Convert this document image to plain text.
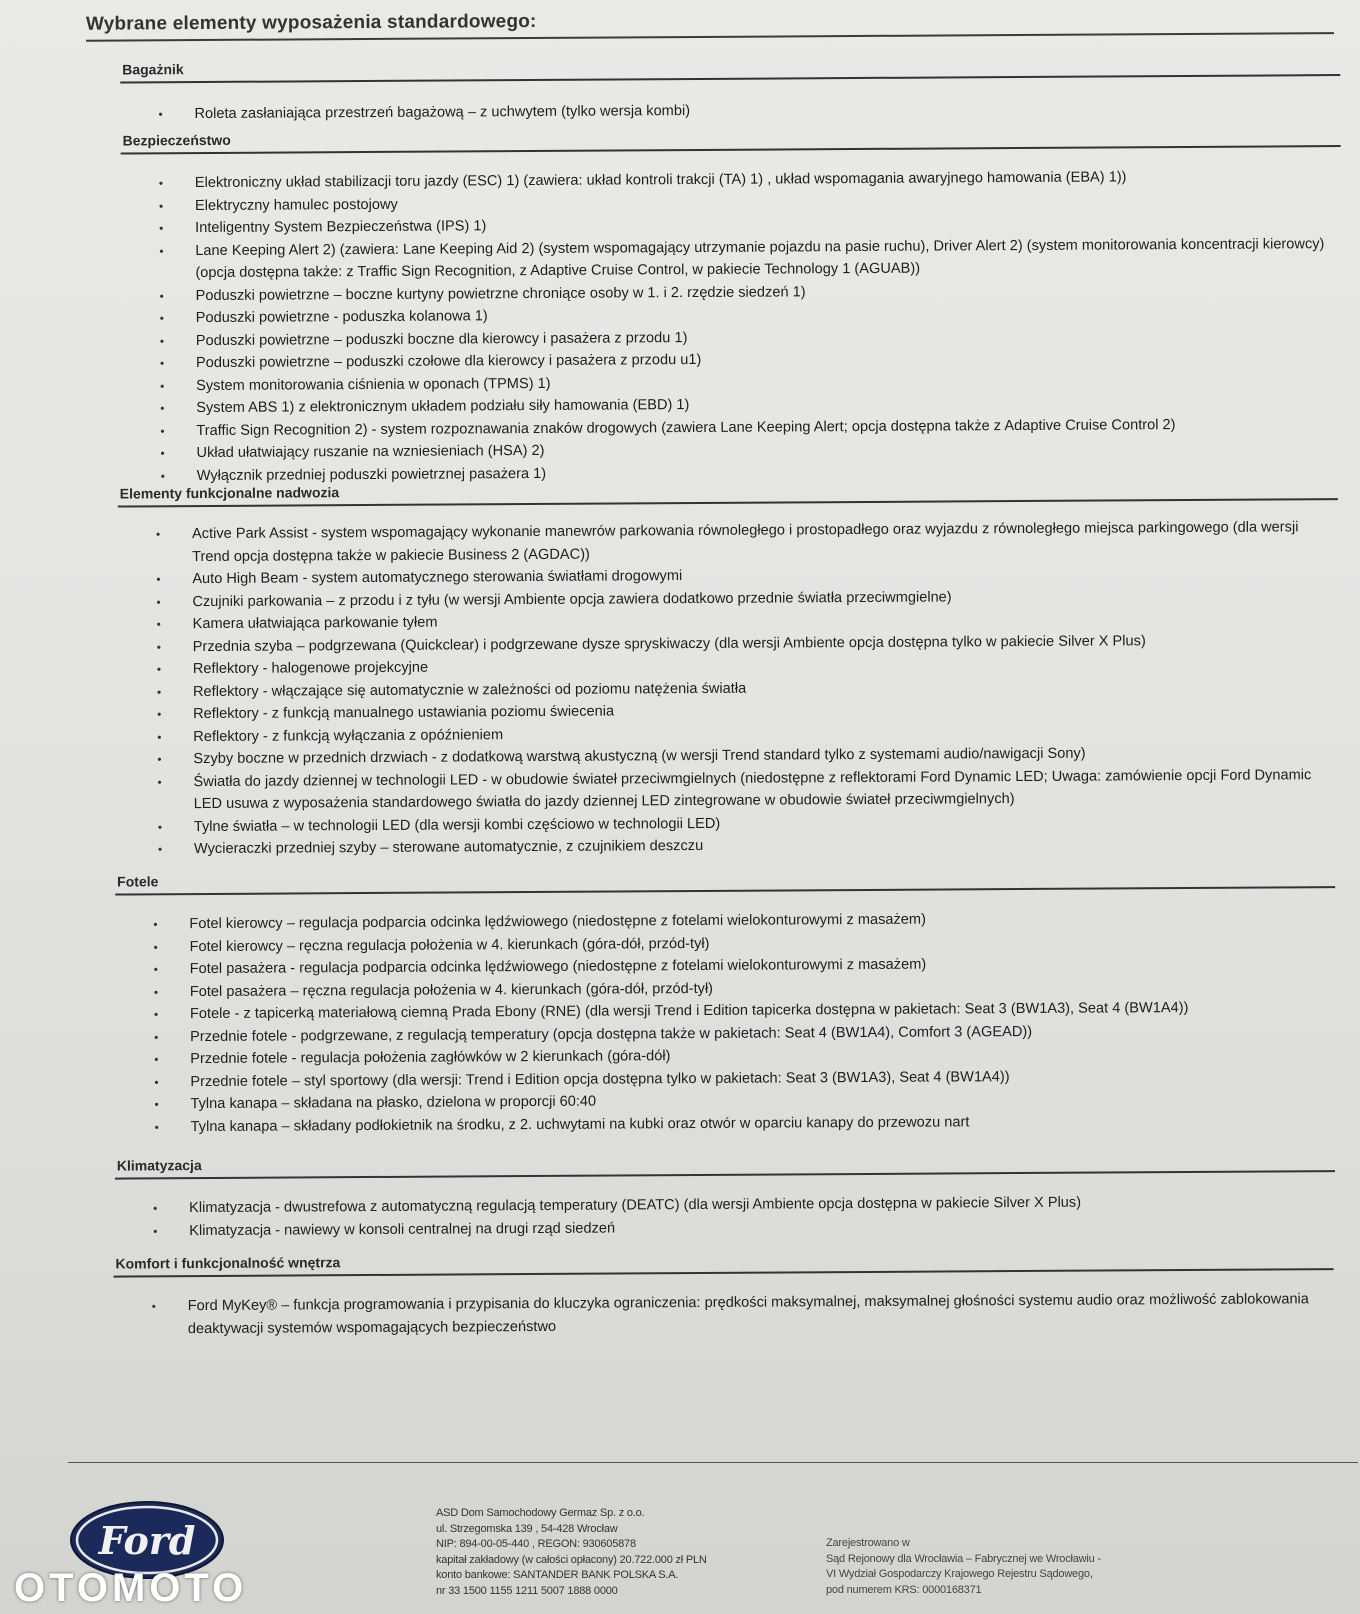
Wybrane elementy wyposażenia standardowego:
Bagażnik
• Roleta zasłaniająca przestrzeń bagażową – z uchwytem (tylko wersja kombi)
Bezpieczeństwo
• Elektroniczny układ stabilizacji toru jazdy (ESC) 1) (zawiera: układ kontroli trakcji (TA) 1) , układ wspomagania awaryjnego hamowania (EBA) 1))
• Elektryczny hamulec postojowy
• Inteligentny System Bezpieczeństwa (IPS) 1)
• Lane Keeping Alert 2) (zawiera: Lane Keeping Aid 2) (system wspomagający utrzymanie pojazdu na pasie ruchu), Driver Alert 2) (system monitorowania koncentracji kierowcy) (opcja dostępna także: z Traffic Sign Recognition, z Adaptive Cruise Control, w pakiecie Technology 1 (AGUAB))
• Poduszki powietrzne – boczne kurtyny powietrzne chroniące osoby w 1. i 2. rzędzie siedzeń 1)
• Poduszki powietrzne - poduszka kolanowa 1)
• Poduszki powietrzne – poduszki boczne dla kierowcy i pasażera z przodu 1)
• Poduszki powietrzne – poduszki czołowe dla kierowcy i pasażera z przodu u1)
• System monitorowania ciśnienia w oponach (TPMS) 1)
• System ABS 1) z elektronicznym układem podziału siły hamowania (EBD) 1)
• Traffic Sign Recognition 2) - system rozpoznawania znaków drogowych (zawiera Lane Keeping Alert; opcja dostępna także z Adaptive Cruise Control 2)
• Układ ułatwiający ruszanie na wzniesieniach (HSA) 2)
• Wyłącznik przedniej poduszki powietrznej pasażera 1)
Elementy funkcjonalne nadwozia
• Active Park Assist - system wspomagający wykonanie manewrów parkowania równoległego i prostopadłego oraz wyjazdu z równoległego miejsca parkingowego (dla wersji Trend opcja dostępna także w pakiecie Business 2 (AGDAC))
• Auto High Beam - system automatycznego sterowania światłami drogowymi
• Czujniki parkowania – z przodu i z tyłu (w wersji Ambiente opcja zawiera dodatkowo przednie światła przeciwmgielne)
• Kamera ułatwiająca parkowanie tyłem
• Przednia szyba – podgrzewana (Quickclear) i podgrzewane dysze spryskiwaczy (dla wersji Ambiente opcja dostępna tylko w pakiecie Silver X Plus)
• Reflektory - halogenowe projekcyjne
• Reflektory - włączające się automatycznie w zależności od poziomu natężenia światła
• Reflektory - z funkcją manualnego ustawiania poziomu świecenia
• Reflektory - z funkcją wyłączania z opóźnieniem
• Szyby boczne w przednich drzwiach - z dodatkową warstwą akustyczną (w wersji Trend standard tylko z systemami audio/nawigacji Sony)
• Światła do jazdy dziennej w technologii LED - w obudowie świateł przeciwmgielnych (niedostępne z reflektorami Ford Dynamic LED; Uwaga: zamówienie opcji Ford Dynamic LED usuwa z wyposażenia standardowego światła do jazdy dziennej LED zintegrowane w obudowie świateł przeciwmgielnych)
• Tylne światła – w technologii LED (dla wersji kombi częściowo w technologii LED)
• Wycieraczki przedniej szyby – sterowane automatycznie, z czujnikiem deszczu
Fotele
• Fotel kierowcy – regulacja podparcia odcinka lędźwiowego (niedostępne z fotelami wielokonturowymi z masażem)
• Fotel kierowcy – ręczna regulacja położenia w 4. kierunkach (góra-dół, przód-tył)
• Fotel pasażera - regulacja podparcia odcinka lędźwiowego (niedostępne z fotelami wielokonturowymi z masażem)
• Fotel pasażera – ręczna regulacja położenia w 4. kierunkach (góra-dół, przód-tył)
• Fotele - z tapicerką materiałową ciemną Prada Ebony (RNE) (dla wersji Trend i Edition tapicerka dostępna w pakietach: Seat 3 (BW1A3), Seat 4 (BW1A4))
• Przednie fotele - podgrzewane, z regulacją temperatury (opcja dostępna także w pakietach: Seat 4 (BW1A4), Comfort 3 (AGEAD))
• Przednie fotele - regulacja położenia zagłówków w 2 kierunkach (góra-dół)
• Przednie fotele – styl sportowy (dla wersji: Trend i Edition opcja dostępna tylko w pakietach: Seat 3 (BW1A3), Seat 4 (BW1A4))
• Tylna kanapa – składana na płasko, dzielona w proporcji 60:40
• Tylna kanapa – składany podłokietnik na środku, z 2. uchwytami na kubki oraz otwór w oparciu kanapy do przewozu nart
Klimatyzacja
• Klimatyzacja - dwustrefowa z automatyczną regulacją temperatury (DEATC) (dla wersji Ambiente opcja dostępna w pakiecie Silver X Plus)
• Klimatyzacja - nawiewy w konsoli centralnej na drugi rząd siedzeń
Komfort i funkcjonalność wnętrza
• Ford MyKey® – funkcja programowania i przypisania do kluczyka ograniczenia: prędkości maksymalnej, maksymalnej głośności systemu audio oraz możliwość zablokowania deaktywacji systemów wspomagających bezpieczeństwo
Ford
ASD Dom Samochodowy Germaz Sp. z o.o.
ul. Strzegomska 139 , 54-428 Wrocław
NIP: 894-00-05-440 , REGON: 930605878
kapitał zakładowy (w całości opłacony) 20.722.000 zł PLN
konto bankowe: SANTANDER BANK POLSKA S.A.
nr 33 1500 1155 1211 5007 1888 0000
Zarejestrowano w
Sąd Rejonowy dla Wrocławia – Fabrycznej we Wrocławiu -
VI Wydział Gospodarczy Krajowego Rejestru Sądowego,
pod numerem KRS: 0000168371
OTOMOTO
